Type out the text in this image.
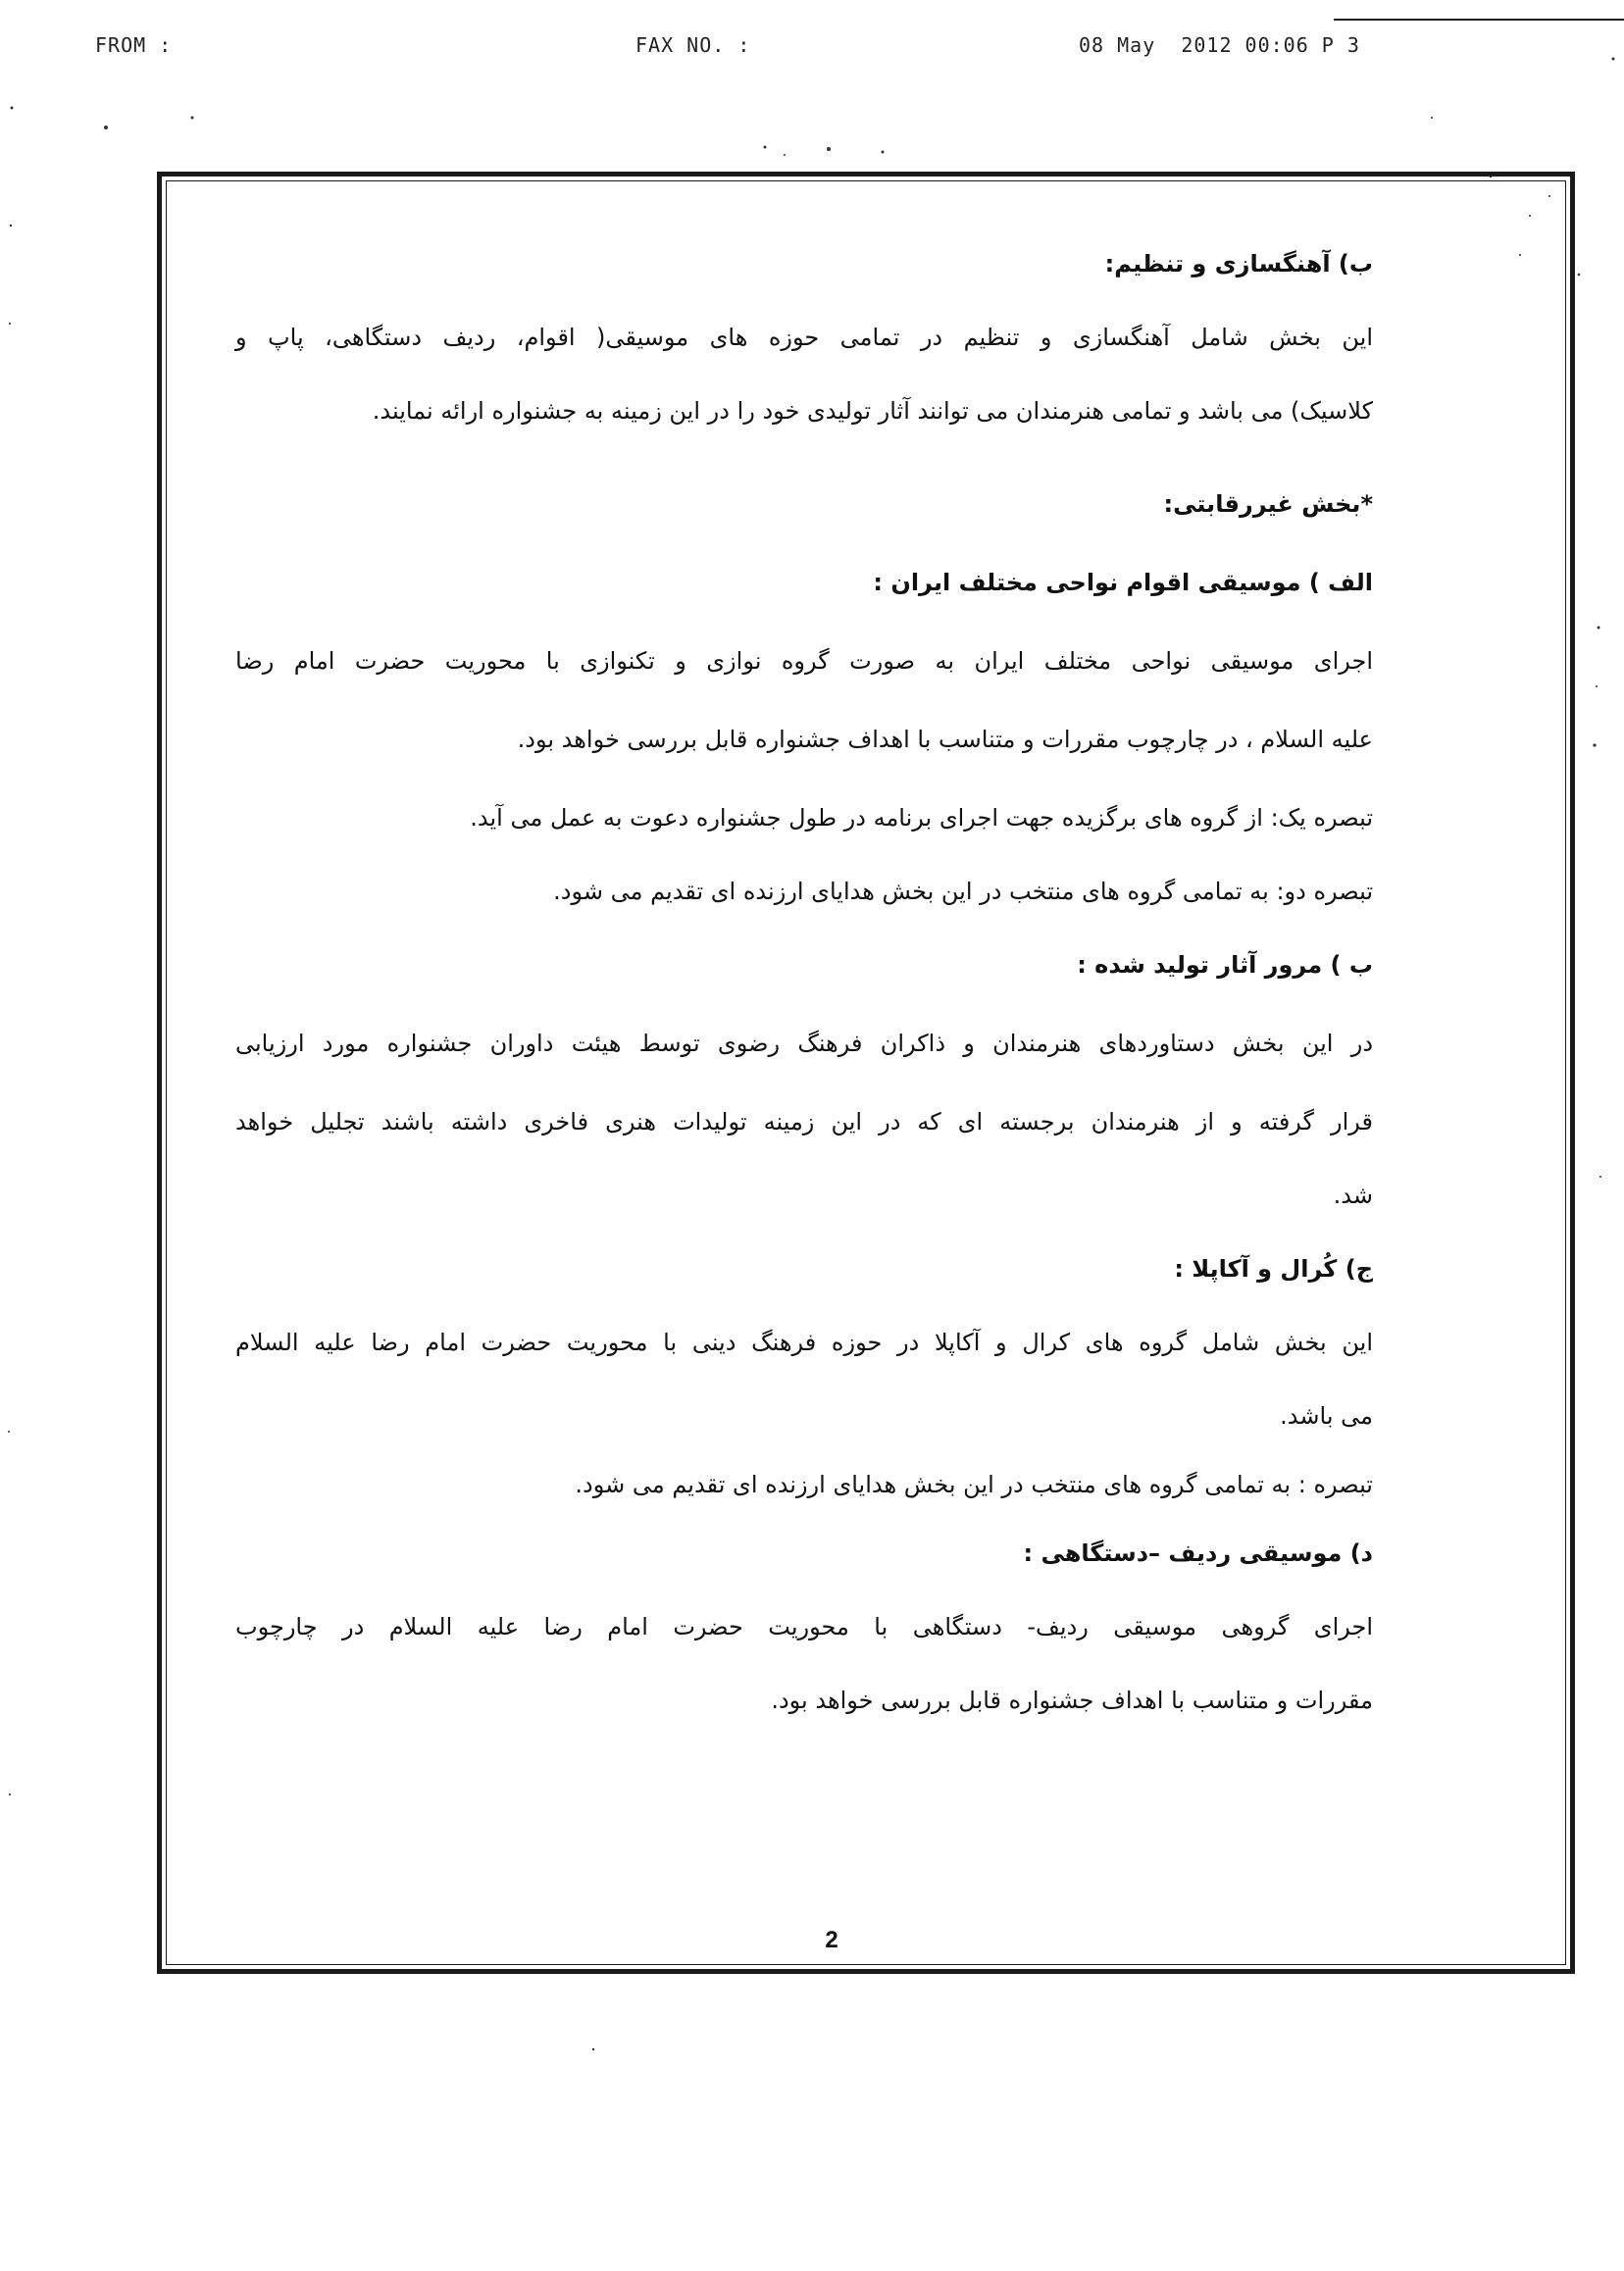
FROM :	FAX NO. :	08 May  2012 00:06 P 3
ب) آهنگسازی و تنظیم:
این بخش شامل آهنگسازی و تنظیم در تمامی حوزه های موسیقی( اقوام، ردیف دستگاهی، پاپ و
کلاسیک) می باشد و تمامی هنرمندان می توانند آثار تولیدی خود را در این زمینه به جشنواره ارائه نمایند.
*بخش غیررقابتی:
الف ) موسیقی اقوام نواحی مختلف ایران :
اجرای موسیقی نواحی مختلف ایران به صورت گروه نوازی و تکنوازی با محوریت حضرت امام رضا
علیه السلام ، در چارچوب مقررات و متناسب با اهداف جشنواره قابل بررسی خواهد بود.
تبصره یک: از گروه های برگزیده جهت اجرای برنامه در طول جشنواره دعوت به عمل می آید.
تبصره دو: به تمامی گروه های منتخب در این بخش هدایای ارزنده ای تقدیم می شود.
ب ) مرور آثار تولید شده :
در این بخش دستاوردهای هنرمندان و ذاکران فرهنگ رضوی توسط هیئت داوران جشنواره مورد ارزیابی
قرار گرفته و از هنرمندان برجسته ای که در این زمینه تولیدات هنری فاخری داشته باشند تجلیل خواهد
شد.
ج) کُرال و آکاپلا :
این بخش شامل گروه های کرال و آکاپلا در حوزه فرهنگ دینی با محوریت حضرت امام رضا علیه السلام
می باشد.
تبصره : به تمامی گروه های منتخب در این بخش هدایای ارزنده ای تقدیم می شود.
د) موسیقی ردیف –دستگاهی :
اجرای گروهی موسیقی ردیف- دستگاهی با محوریت حضرت امام رضا علیه السلام در چارچوب
مقررات و متناسب با اهداف جشنواره قابل بررسی خواهد بود.
2
